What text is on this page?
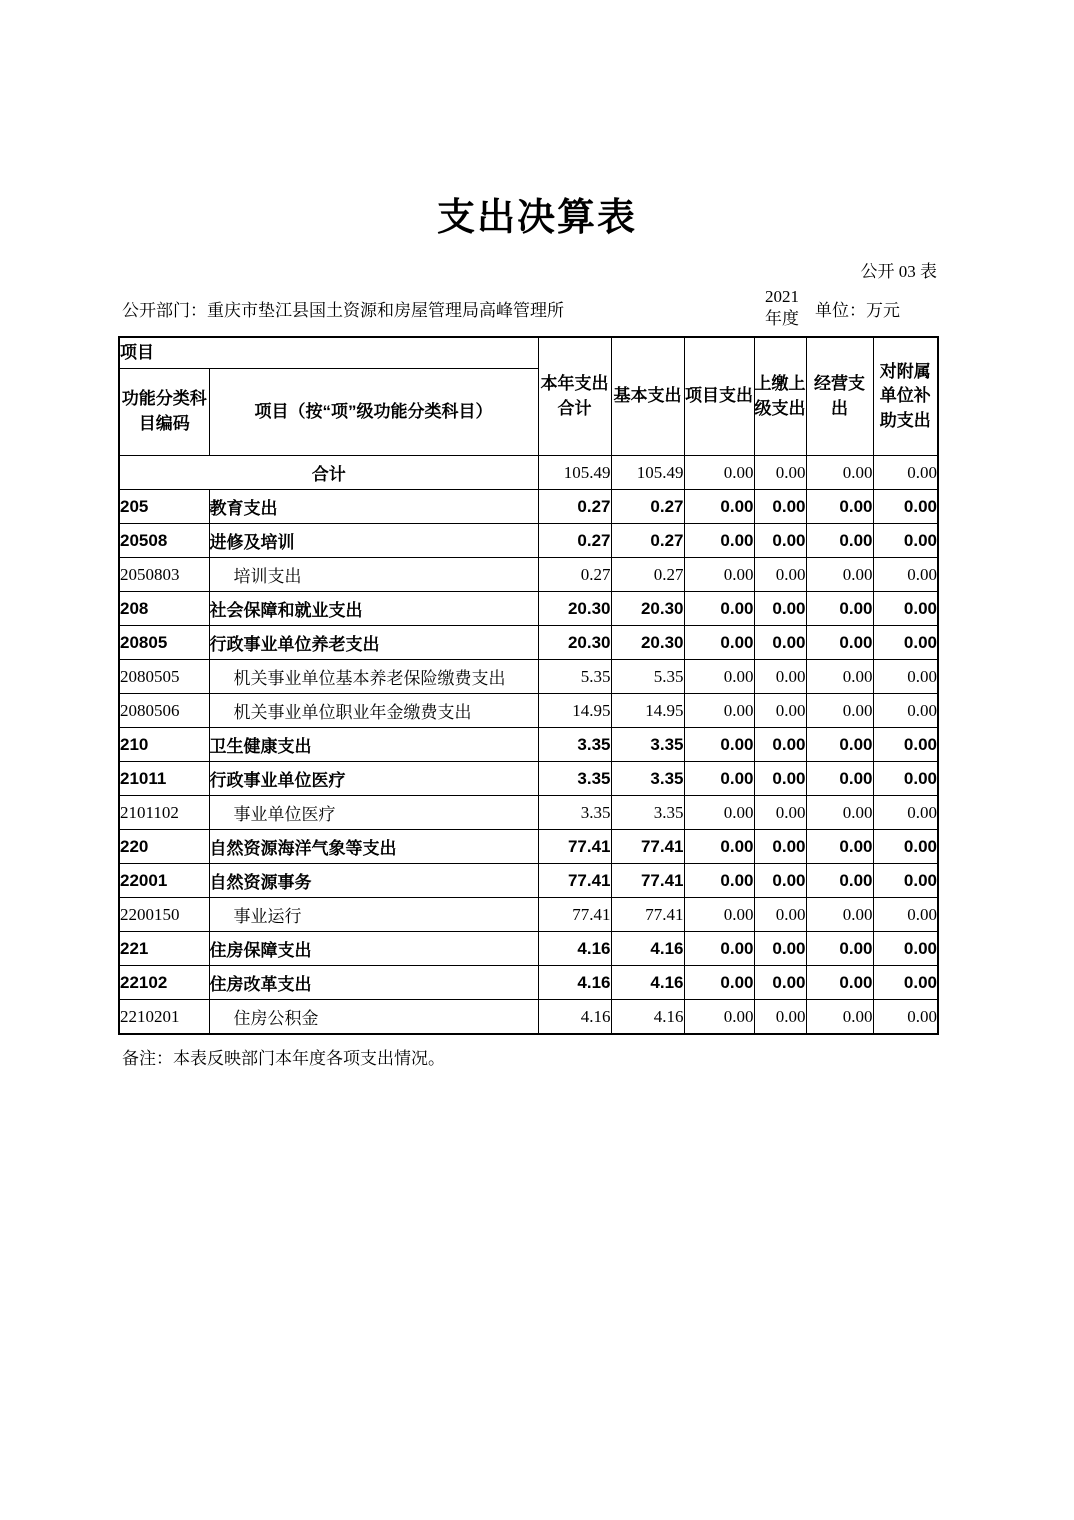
支出决算表
公开 03 表
公开部门：重庆市垫江县国土资源和房屋管理局高峰管理所
2021
年度 单位：万元
项目		本年支出合计	基本支出	项目支出	上缴上级支出	经营支出	对附属单位补助支出
功能分类科目编码	项目（按“项”级功能分类科目）						
合计		105.49	105.49	0.00	0.00	0.00	0.00
205	教育支出	0.27	0.27	0.00	0.00	0.00	0.00
20508	进修及培训	0.27	0.27	0.00	0.00	0.00	0.00
2050803	培训支出	0.27	0.27	0.00	0.00	0.00	0.00
208	社会保障和就业支出	20.30	20.30	0.00	0.00	0.00	0.00
20805	行政事业单位养老支出	20.30	20.30	0.00	0.00	0.00	0.00
2080505	机关事业单位基本养老保险缴费支出	5.35	5.35	0.00	0.00	0.00	0.00
2080506	机关事业单位职业年金缴费支出	14.95	14.95	0.00	0.00	0.00	0.00
210	卫生健康支出	3.35	3.35	0.00	0.00	0.00	0.00
21011	行政事业单位医疗	3.35	3.35	0.00	0.00	0.00	0.00
2101102	事业单位医疗	3.35	3.35	0.00	0.00	0.00	0.00
220	自然资源海洋气象等支出	77.41	77.41	0.00	0.00	0.00	0.00
22001	自然资源事务	77.41	77.41	0.00	0.00	0.00	0.00
2200150	事业运行	77.41	77.41	0.00	0.00	0.00	0.00
221	住房保障支出	4.16	4.16	0.00	0.00	0.00	0.00
22102	住房改革支出	4.16	4.16	0.00	0.00	0.00	0.00
2210201	住房公积金	4.16	4.16	0.00	0.00	0.00	0.00
备注：本表反映部门本年度各项支出情况。
